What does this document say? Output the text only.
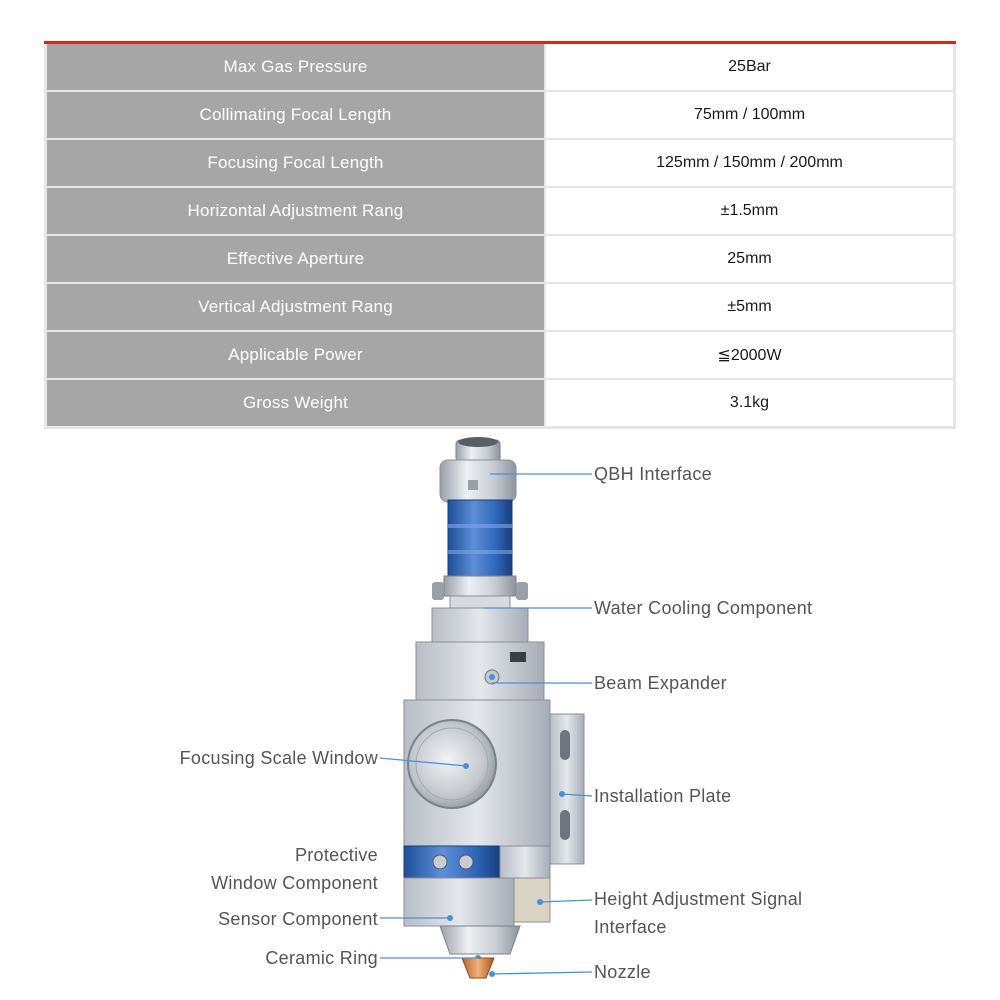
Max Gas Pressure	25Bar
Collimating Focal Length	75mm / 100mm
Focusing Focal Length	125mm / 150mm / 200mm
Horizontal Adjustment Rang	±1.5mm
Effective Aperture	25mm
Vertical Adjustment Rang	±5mm
Applicable Power	≦2000W
Gross Weight	3.1kg
QBH Interface
Water Cooling Component
Beam Expander
Installation Plate
Height Adjustment Signal
Interface
Nozzle
Focusing Scale Window
Protective
Window Component
Sensor Component
Ceramic Ring
